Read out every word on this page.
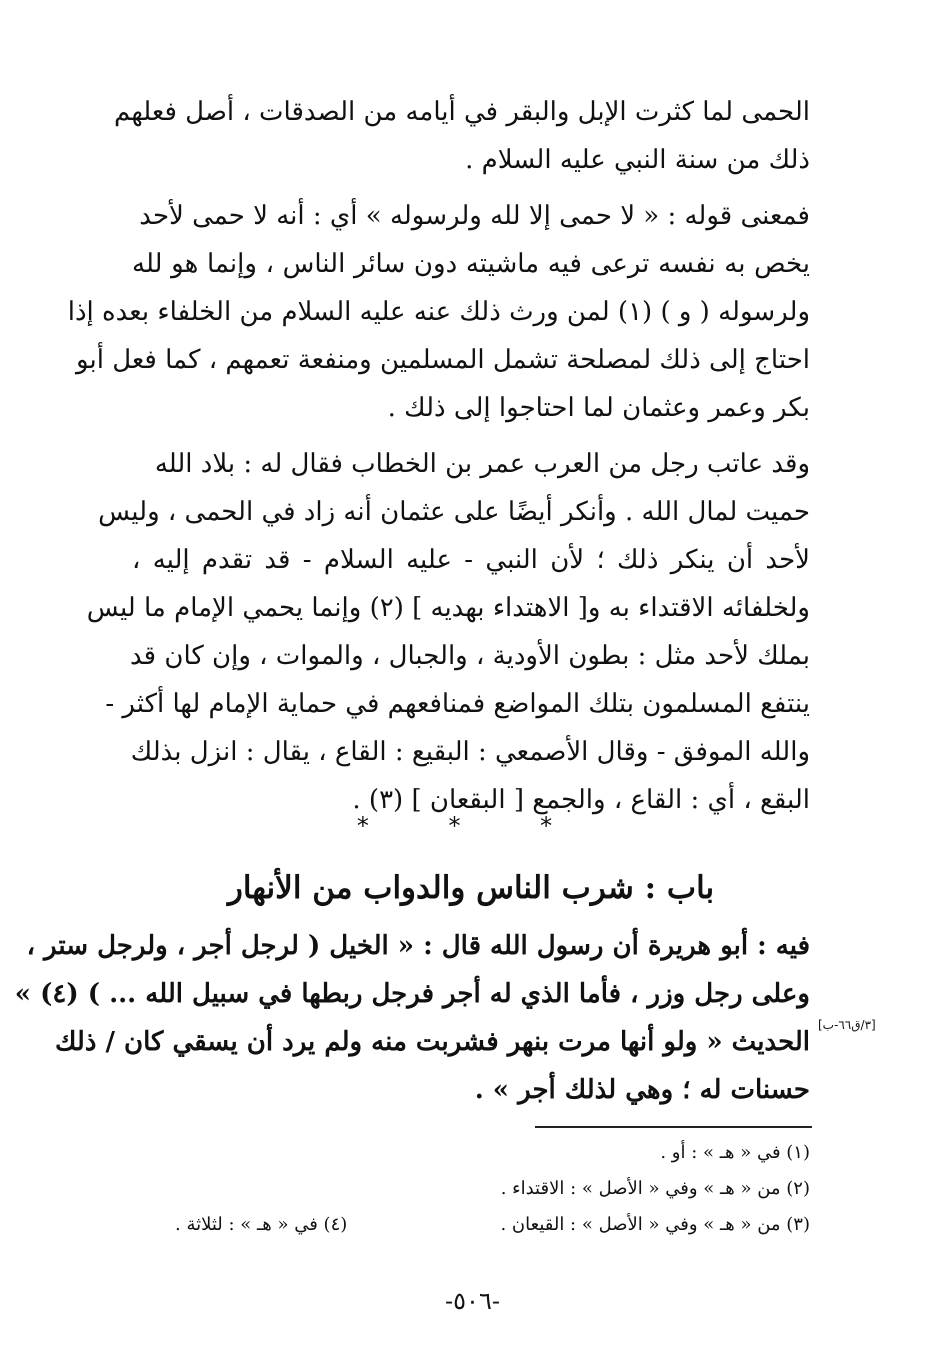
الحمى لما كثرت الإبل والبقر في أيامه من الصدقات ، أصل فعلهم
ذلك من سنة النبي عليه السلام .
فمعنى قوله : « لا حمى إلا لله ولرسوله » أي : أنه لا حمى لأحد
يخص به نفسه ترعى فيه ماشيته دون سائر الناس ، وإنما هو لله
ولرسوله ( و ) (١) لمن ورث ذلك عنه عليه السلام من الخلفاء بعده إذا
احتاج إلى ذلك لمصلحة تشمل المسلمين ومنفعة تعمهم ، كما فعل أبو
بكر وعمر وعثمان لما احتاجوا إلى ذلك .
وقد عاتب رجل من العرب عمر بن الخطاب فقال له : بلاد الله
حميت لمال الله . وأنكر أيضًا على عثمان أنه زاد في الحمى ، وليس
لأحد أن ينكر ذلك ؛ لأن النبي - عليه السلام - قد تقدم إليه ،
ولخلفائه الاقتداء به و[ الاهتداء بهديه ] (٢) وإنما يحمي الإمام ما ليس
بملك لأحد مثل : بطون الأودية ، والجبال ، والموات ، وإن كان قد
ينتفع المسلمون بتلك المواضع فمنافعهم في حماية الإمام لها أكثر -
والله الموفق - وقال الأصمعي : البقيع : القاع ، يقال : انزل بذلك
البقع ، أي : القاع ، والجمع [ البقعان ] (٣) .
* * *
باب : شرب الناس والدواب من الأنهار
فيه : أبو هريرة أن رسول الله قال : « الخيل ( لرجل أجر ، ولرجل ستر ،
وعلى رجل وزر ، فأما الذي له أجر فرجل ربطها في سبيل الله ... ) (٤) »
الحديث « ولو أنها مرت بنهر فشربت منه ولم يرد أن يسقي كان / ذلك
حسنات له ؛ وهي لذلك أجر » .
[٣/ق٦٦-ب]
(١) في « هـ » : أو .
(٢) من « هـ » وفي « الأصل » : الاقتداء .
(٣) من « هـ » وفي « الأصل » : القيعان .
(٤) في « هـ » : لثلاثة .
-٥٠٦-
